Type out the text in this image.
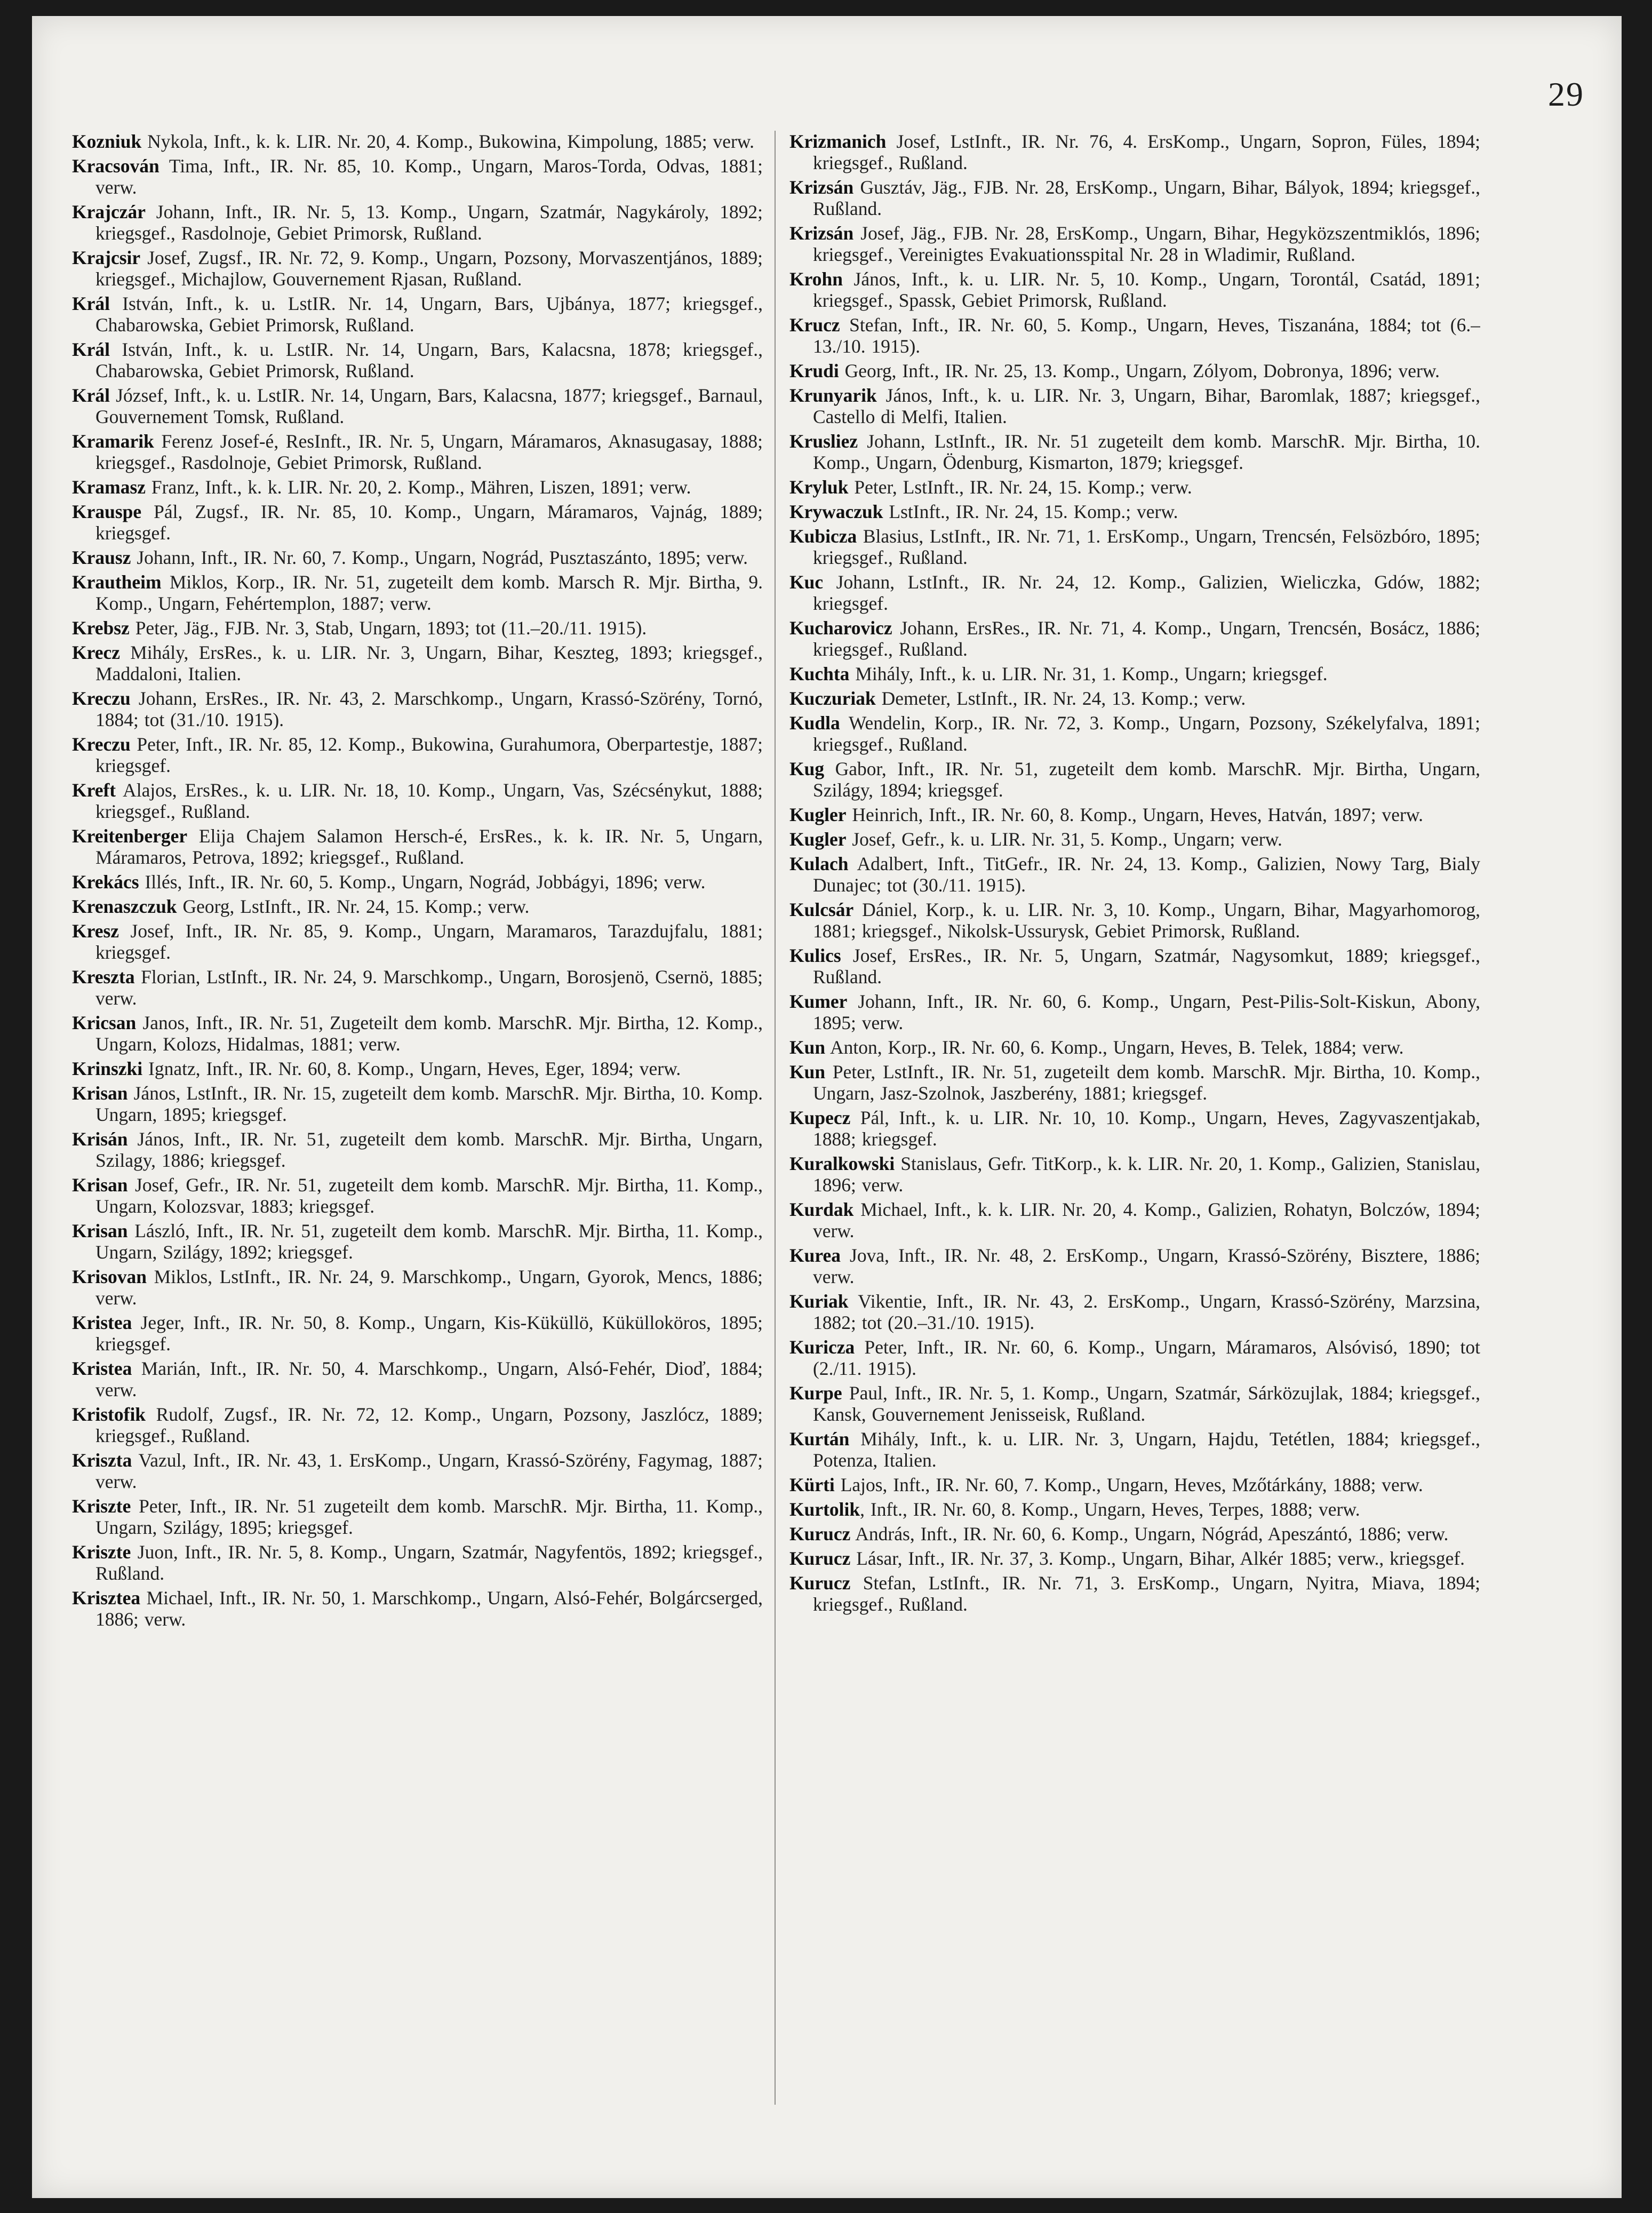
29
Kozniuk Nykola, Inft., k. k. LIR. Nr. 20, 4. Komp., Bukowina, Kimpolung, 1885; verw.
Kracsován Tima, Inft., IR. Nr. 85, 10. Komp., Ungarn, Maros-Torda, Odvas, 1881; verw.
Krajczár Johann, Inft., IR. Nr. 5, 13. Komp., Ungarn, Szatmár, Nagykároly, 1892; kriegsgef., Rasdolnoje, Gebiet Primorsk, Rußland.
Krajcsir Josef, Zugsf., IR. Nr. 72, 9. Komp., Ungarn, Pozsony, Morvaszentjános, 1889; kriegsgef., Michajlow, Gouvernement Rjasan, Rußland.
Král István, Inft., k. u. LstIR. Nr. 14, Ungarn, Bars, Ujbánya, 1877; kriegsgef., Chabarowska, Gebiet Primorsk, Rußland.
Král István, Inft., k. u. LstIR. Nr. 14, Ungarn, Bars, Kalacsna, 1878; kriegsgef., Chabarowska, Gebiet Primorsk, Rußland.
Král József, Inft., k. u. LstIR. Nr. 14, Ungarn, Bars, Kalacsna, 1877; kriegsgef., Barnaul, Gouvernement Tomsk, Rußland.
Kramarik Ferenz Josef-é, ResInft., IR. Nr. 5, Ungarn, Máramaros, Aknasugasay, 1888; kriegsgef., Rasdolnoje, Gebiet Primorsk, Rußland.
Kramasz Franz, Inft., k. k. LIR. Nr. 20, 2. Komp., Mähren, Liszen, 1891; verw.
Krauspe Pál, Zugsf., IR. Nr. 85, 10. Komp., Ungarn, Máramaros, Vajnág, 1889; kriegsgef.
Krausz Johann, Inft., IR. Nr. 60, 7. Komp., Ungarn, Nográd, Pusztaszánto, 1895; verw.
Krautheim Miklos, Korp., IR. Nr. 51, zugeteilt dem komb. Marsch R. Mjr. Birtha, 9. Komp., Ungarn, Fehértemplon, 1887; verw.
Krebsz Peter, Jäg., FJB. Nr. 3, Stab, Ungarn, 1893; tot (11.–20./11. 1915).
Krecz Mihály, ErsRes., k. u. LIR. Nr. 3, Ungarn, Bihar, Keszteg, 1893; kriegsgef., Maddaloni, Italien.
Kreczu Johann, ErsRes., IR. Nr. 43, 2. Marschkomp., Ungarn, Krassó-Szörény, Tornó, 1884; tot (31./10. 1915).
Kreczu Peter, Inft., IR. Nr. 85, 12. Komp., Bukowina, Gurahumora, Oberpartestje, 1887; kriegsgef.
Kreft Alajos, ErsRes., k. u. LIR. Nr. 18, 10. Komp., Ungarn, Vas, Szécsénykut, 1888; kriegsgef., Rußland.
Kreitenberger Elija Chajem Salamon Hersch-é, ErsRes., k. k. IR. Nr. 5, Ungarn, Máramaros, Petrova, 1892; kriegsgef., Rußland.
Krekács Illés, Inft., IR. Nr. 60, 5. Komp., Ungarn, Nográd, Jobbágyi, 1896; verw.
Krenaszczuk Georg, LstInft., IR. Nr. 24, 15. Komp.; verw.
Kresz Josef, Inft., IR. Nr. 85, 9. Komp., Ungarn, Maramaros, Tarazdujfalu, 1881; kriegsgef.
Kreszta Florian, LstInft., IR. Nr. 24, 9. Marschkomp., Ungarn, Borosjenö, Csernö, 1885; verw.
Kricsan Janos, Inft., IR. Nr. 51, Zugeteilt dem komb. MarschR. Mjr. Birtha, 12. Komp., Ungarn, Kolozs, Hidalmas, 1881; verw.
Krinszki Ignatz, Inft., IR. Nr. 60, 8. Komp., Ungarn, Heves, Eger, 1894; verw.
Krisan János, LstInft., IR. Nr. 15, zugeteilt dem komb. MarschR. Mjr. Birtha, 10. Komp. Ungarn, 1895; kriegsgef.
Krisán János, Inft., IR. Nr. 51, zugeteilt dem komb. MarschR. Mjr. Birtha, Ungarn, Szilagy, 1886; kriegsgef.
Krisan Josef, Gefr., IR. Nr. 51, zugeteilt dem komb. MarschR. Mjr. Birtha, 11. Komp., Ungarn, Kolozsvar, 1883; kriegsgef.
Krisan László, Inft., IR. Nr. 51, zugeteilt dem komb. MarschR. Mjr. Birtha, 11. Komp., Ungarn, Szilágy, 1892; kriegsgef.
Krisovan Miklos, LstInft., IR. Nr. 24, 9. Marschkomp., Ungarn, Gyorok, Mencs, 1886; verw.
Kristea Jeger, Inft., IR. Nr. 50, 8. Komp., Ungarn, Kis-Küküllö, Kükülloköros, 1895; kriegsgef.
Kristea Marián, Inft., IR. Nr. 50, 4. Marschkomp., Ungarn, Alsó-Fehér, Dioď, 1884; verw.
Kristofik Rudolf, Zugsf., IR. Nr. 72, 12. Komp., Ungarn, Pozsony, Jaszlócz, 1889; kriegsgef., Rußland.
Kriszta Vazul, Inft., IR. Nr. 43, 1. ErsKomp., Ungarn, Krassó-Szörény, Fagymag, 1887; verw.
Kriszte Peter, Inft., IR. Nr. 51 zugeteilt dem komb. MarschR. Mjr. Birtha, 11. Komp., Ungarn, Szilágy, 1895; kriegsgef.
Kriszte Juon, Inft., IR. Nr. 5, 8. Komp., Ungarn, Szatmár, Nagyfentös, 1892; kriegsgef., Rußland.
Krisztea Michael, Inft., IR. Nr. 50, 1. Marschkomp., Ungarn, Alsó-Fehér, Bolgárcserged, 1886; verw.
Krizmanich Josef, LstInft., IR. Nr. 76, 4. ErsKomp., Ungarn, Sopron, Füles, 1894; kriegsgef., Rußland.
Krizsán Gusztáv, Jäg., FJB. Nr. 28, ErsKomp., Ungarn, Bihar, Bályok, 1894; kriegsgef., Rußland.
Krizsán Josef, Jäg., FJB. Nr. 28, ErsKomp., Ungarn, Bihar, Hegyközszentmiklós, 1896; kriegsgef., Vereinigtes Evakuationsspital Nr. 28 in Wladimir, Rußland.
Krohn János, Inft., k. u. LIR. Nr. 5, 10. Komp., Ungarn, Torontál, Csatád, 1891; kriegsgef., Spassk, Gebiet Primorsk, Rußland.
Krucz Stefan, Inft., IR. Nr. 60, 5. Komp., Ungarn, Heves, Tiszanána, 1884; tot (6.–13./10. 1915).
Krudi Georg, Inft., IR. Nr. 25, 13. Komp., Ungarn, Zólyom, Dobronya, 1896; verw.
Krunyarik János, Inft., k. u. LIR. Nr. 3, Ungarn, Bihar, Baromlak, 1887; kriegsgef., Castello di Melfi, Italien.
Krusliez Johann, LstInft., IR. Nr. 51 zugeteilt dem komb. MarschR. Mjr. Birtha, 10. Komp., Ungarn, Ödenburg, Kismarton, 1879; kriegsgef.
Kryluk Peter, LstInft., IR. Nr. 24, 15. Komp.; verw.
Krywaczuk LstInft., IR. Nr. 24, 15. Komp.; verw.
Kubicza Blasius, LstInft., IR. Nr. 71, 1. ErsKomp., Ungarn, Trencsén, Felsözbóro, 1895; kriegsgef., Rußland.
Kuc Johann, LstInft., IR. Nr. 24, 12. Komp., Galizien, Wieliczka, Gdów, 1882; kriegsgef.
Kucharovicz Johann, ErsRes., IR. Nr. 71, 4. Komp., Ungarn, Trencsén, Bosácz, 1886; kriegsgef., Rußland.
Kuchta Mihály, Inft., k. u. LIR. Nr. 31, 1. Komp., Ungarn; kriegsgef.
Kuczuriak Demeter, LstInft., IR. Nr. 24, 13. Komp.; verw.
Kudla Wendelin, Korp., IR. Nr. 72, 3. Komp., Ungarn, Pozsony, Székelyfalva, 1891; kriegsgef., Rußland.
Kug Gabor, Inft., IR. Nr. 51, zugeteilt dem komb. MarschR. Mjr. Birtha, Ungarn, Szilágy, 1894; kriegsgef.
Kugler Heinrich, Inft., IR. Nr. 60, 8. Komp., Ungarn, Heves, Hatván, 1897; verw.
Kugler Josef, Gefr., k. u. LIR. Nr. 31, 5. Komp., Ungarn; verw.
Kulach Adalbert, Inft., TitGefr., IR. Nr. 24, 13. Komp., Galizien, Nowy Targ, Bialy Dunajec; tot (30./11. 1915).
Kulcsár Dániel, Korp., k. u. LIR. Nr. 3, 10. Komp., Ungarn, Bihar, Magyarhomorog, 1881; kriegsgef., Nikolsk-Ussurysk, Gebiet Primorsk, Rußland.
Kulics Josef, ErsRes., IR. Nr. 5, Ungarn, Szatmár, Nagysomkut, 1889; kriegsgef., Rußland.
Kumer Johann, Inft., IR. Nr. 60, 6. Komp., Ungarn, Pest-Pilis-Solt-Kiskun, Abony, 1895; verw.
Kun Anton, Korp., IR. Nr. 60, 6. Komp., Ungarn, Heves, B. Telek, 1884; verw.
Kun Peter, LstInft., IR. Nr. 51, zugeteilt dem komb. MarschR. Mjr. Birtha, 10. Komp., Ungarn, Jasz-Szolnok, Jaszberény, 1881; kriegsgef.
Kupecz Pál, Inft., k. u. LIR. Nr. 10, 10. Komp., Ungarn, Heves, Zagyvaszentjakab, 1888; kriegsgef.
Kuralkowski Stanislaus, Gefr. TitKorp., k. k. LIR. Nr. 20, 1. Komp., Galizien, Stanislau, 1896; verw.
Kurdak Michael, Inft., k. k. LIR. Nr. 20, 4. Komp., Galizien, Rohatyn, Bolczów, 1894; verw.
Kurea Jova, Inft., IR. Nr. 48, 2. ErsKomp., Ungarn, Krassó-Szörény, Bisztere, 1886; verw.
Kuriak Vikentie, Inft., IR. Nr. 43, 2. ErsKomp., Ungarn, Krassó-Szörény, Marzsina, 1882; tot (20.–31./10. 1915).
Kuricza Peter, Inft., IR. Nr. 60, 6. Komp., Ungarn, Máramaros, Alsóvisó, 1890; tot (2./11. 1915).
Kurpe Paul, Inft., IR. Nr. 5, 1. Komp., Ungarn, Szatmár, Sárközujlak, 1884; kriegsgef., Kansk, Gouvernement Jenisseisk, Rußland.
Kurtán Mihály, Inft., k. u. LIR. Nr. 3, Ungarn, Hajdu, Tetétlen, 1884; kriegsgef., Potenza, Italien.
Kürti Lajos, Inft., IR. Nr. 60, 7. Komp., Ungarn, Heves, Mzőtárkány, 1888; verw.
Kurtolik, Inft., IR. Nr. 60, 8. Komp., Ungarn, Heves, Terpes, 1888; verw.
Kurucz András, Inft., IR. Nr. 60, 6. Komp., Ungarn, Nógrád, Apeszántó, 1886; verw.
Kurucz Lásar, Inft., IR. Nr. 37, 3. Komp., Ungarn, Bihar, Alkér 1885; verw., kriegsgef.
Kurucz Stefan, LstInft., IR. Nr. 71, 3. ErsKomp., Ungarn, Nyitra, Miava, 1894; kriegsgef., Rußland.
